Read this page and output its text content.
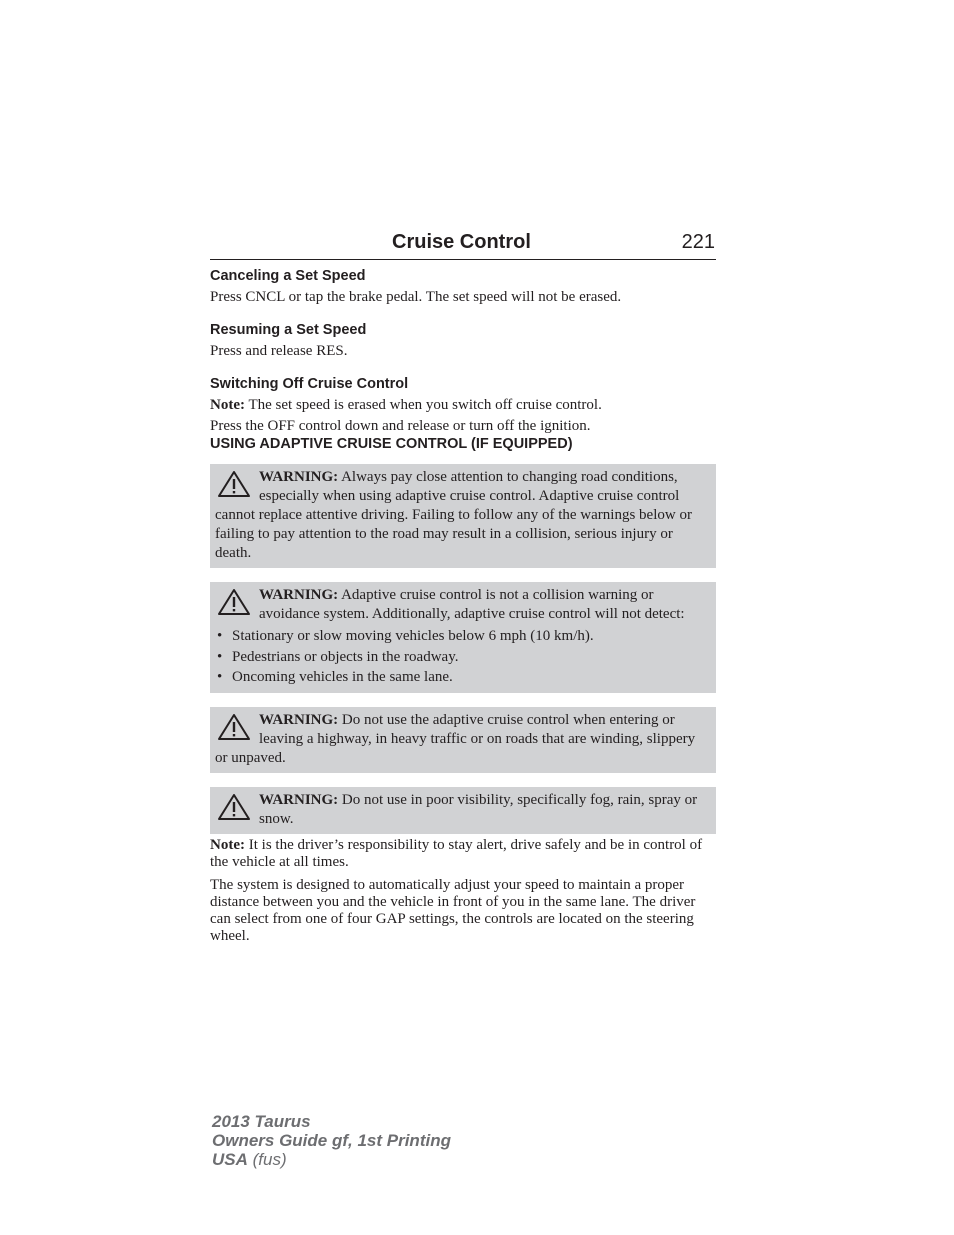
Cruise Control	221

Canceling a Set Speed

Press CNCL or tap the brake pedal. The set speed will not be erased.

Resuming a Set Speed

Press and release RES.

Switching Off Cruise Control

Note: The set speed is erased when you switch off cruise control.

Press the OFF control down and release or turn off the ignition.

USING ADAPTIVE CRUISE CONTROL (IF EQUIPPED)

WARNING: Always pay close attention to changing road conditions, especially when using adaptive cruise control. Adaptive cruise control cannot replace attentive driving. Failing to follow any of the warnings below or failing to pay attention to the road may result in a collision, serious injury or death.

WARNING: Adaptive cruise control is not a collision warning or avoidance system. Additionally, adaptive cruise control will not detect:

• Stationary or slow moving vehicles below 6 mph (10 km/h).
• Pedestrians or objects in the roadway.
• Oncoming vehicles in the same lane.

WARNING: Do not use the adaptive cruise control when entering or leaving a highway, in heavy traffic or on roads that are winding, slippery or unpaved.

WARNING: Do not use in poor visibility, specifically fog, rain, spray or snow.

Note: It is the driver’s responsibility to stay alert, drive safely and be in control of the vehicle at all times.

The system is designed to automatically adjust your speed to maintain a proper distance between you and the vehicle in front of you in the same lane. The driver can select from one of four GAP settings, the controls are located on the steering wheel.

2013 Taurus
Owners Guide gf, 1st Printing
USA (fus)
